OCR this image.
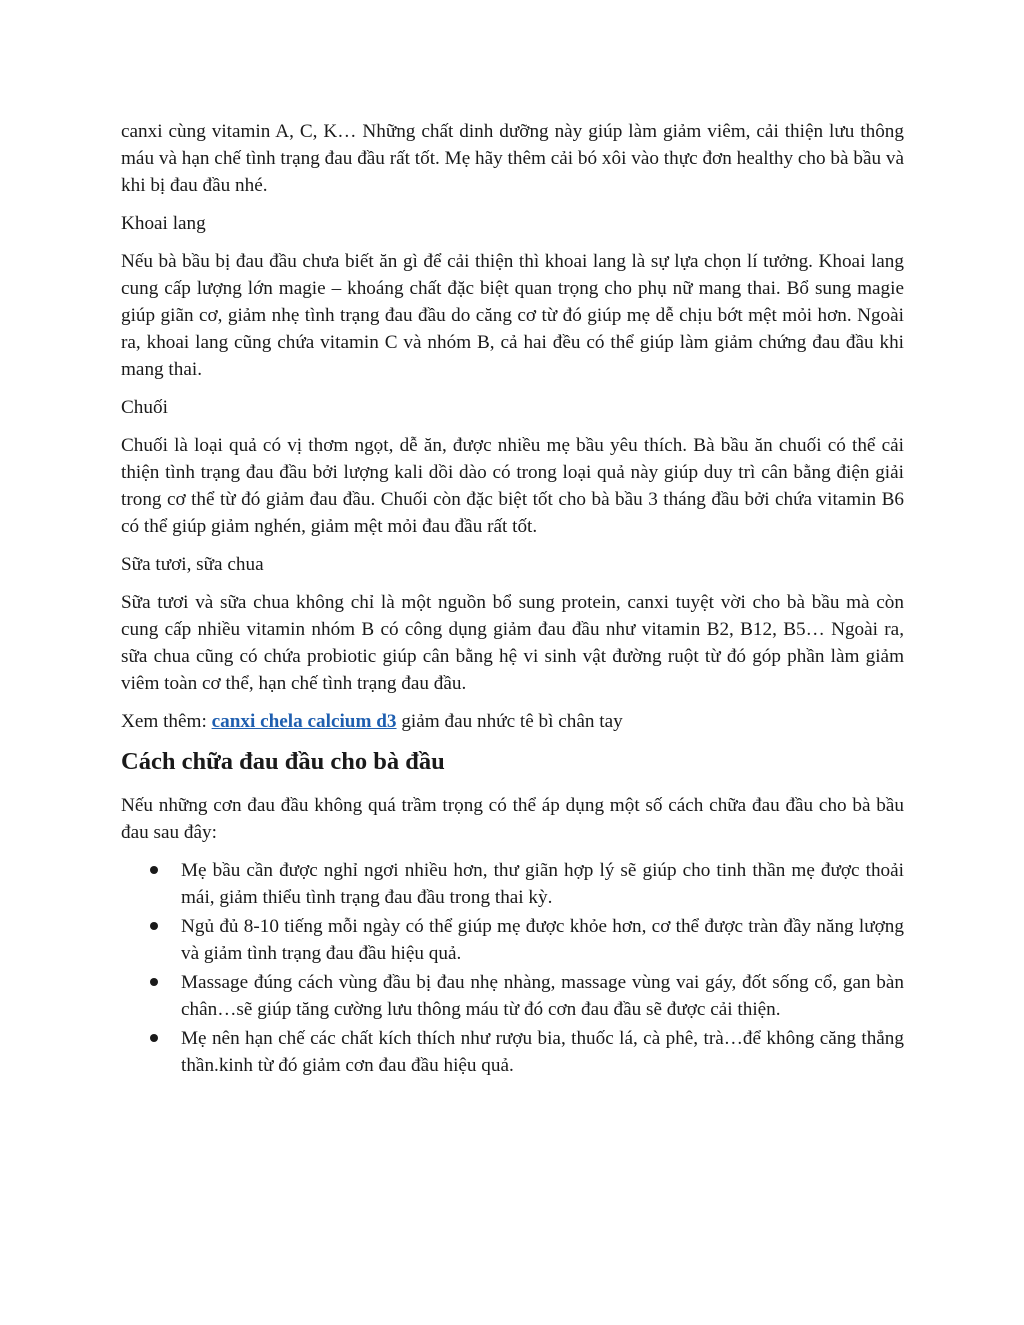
canxi cùng vitamin A, C, K… Những chất dinh dưỡng này giúp làm giảm viêm, cải thiện lưu thông máu và hạn chế tình trạng đau đầu rất tốt. Mẹ hãy thêm cải bó xôi vào thực đơn healthy cho bà bầu và khi bị đau đầu nhé.

Khoai lang

Nếu bà bầu bị đau đầu chưa biết ăn gì để cải thiện thì khoai lang là sự lựa chọn lí tưởng. Khoai lang cung cấp lượng lớn magie – khoáng chất đặc biệt quan trọng cho phụ nữ mang thai. Bổ sung magie giúp giãn cơ, giảm nhẹ tình trạng đau đầu do căng cơ từ đó giúp mẹ dễ chịu bớt mệt mỏi hơn. Ngoài ra, khoai lang cũng chứa vitamin C và nhóm B, cả hai đều có thể giúp làm giảm chứng đau đầu khi mang thai.

Chuối

Chuối là loại quả có vị thơm ngọt, dễ ăn, được nhiều mẹ bầu yêu thích. Bà bầu ăn chuối có thể cải thiện tình trạng đau đầu bởi lượng kali dồi dào có trong loại quả này giúp duy trì cân bằng điện giải trong cơ thể từ đó giảm đau đầu. Chuối còn đặc biệt tốt cho bà bầu 3 tháng đầu bởi chứa vitamin B6 có thể giúp giảm nghén, giảm mệt mỏi đau đầu rất tốt.

Sữa tươi, sữa chua

Sữa tươi và sữa chua không chỉ là một nguồn bổ sung protein, canxi tuyệt vời cho bà bầu mà còn cung cấp nhiều vitamin nhóm B có công dụng giảm đau đầu như vitamin B2, B12, B5… Ngoài ra, sữa chua cũng có chứa probiotic giúp cân bằng hệ vi sinh vật đường ruột từ đó góp phần làm giảm viêm toàn cơ thể, hạn chế tình trạng đau đầu.

Xem thêm: canxi chela calcium d3 giảm đau nhức tê bì chân tay

Cách chữa đau đầu cho bà đầu

Nếu những cơn đau đầu không quá trầm trọng có thể áp dụng một số cách chữa đau đầu cho bà bầu đau sau đây:

Mẹ bầu cần được nghỉ ngơi nhiều hơn, thư giãn hợp lý sẽ giúp cho tinh thần mẹ được thoải mái, giảm thiểu tình trạng đau đầu trong thai kỳ.
Ngủ đủ 8-10 tiếng mỗi ngày có thể giúp mẹ được khỏe hơn, cơ thể được tràn đầy năng lượng và giảm tình trạng đau đầu hiệu quả.
Massage đúng cách vùng đầu bị đau nhẹ nhàng, massage vùng vai gáy, đốt sống cổ, gan bàn chân…sẽ giúp tăng cường lưu thông máu từ đó cơn đau đầu sẽ được cải thiện.
Mẹ nên hạn chế các chất kích thích như rượu bia, thuốc lá, cà phê, trà…để không căng thẳng thần.kinh từ đó giảm cơn đau đầu hiệu quả.
